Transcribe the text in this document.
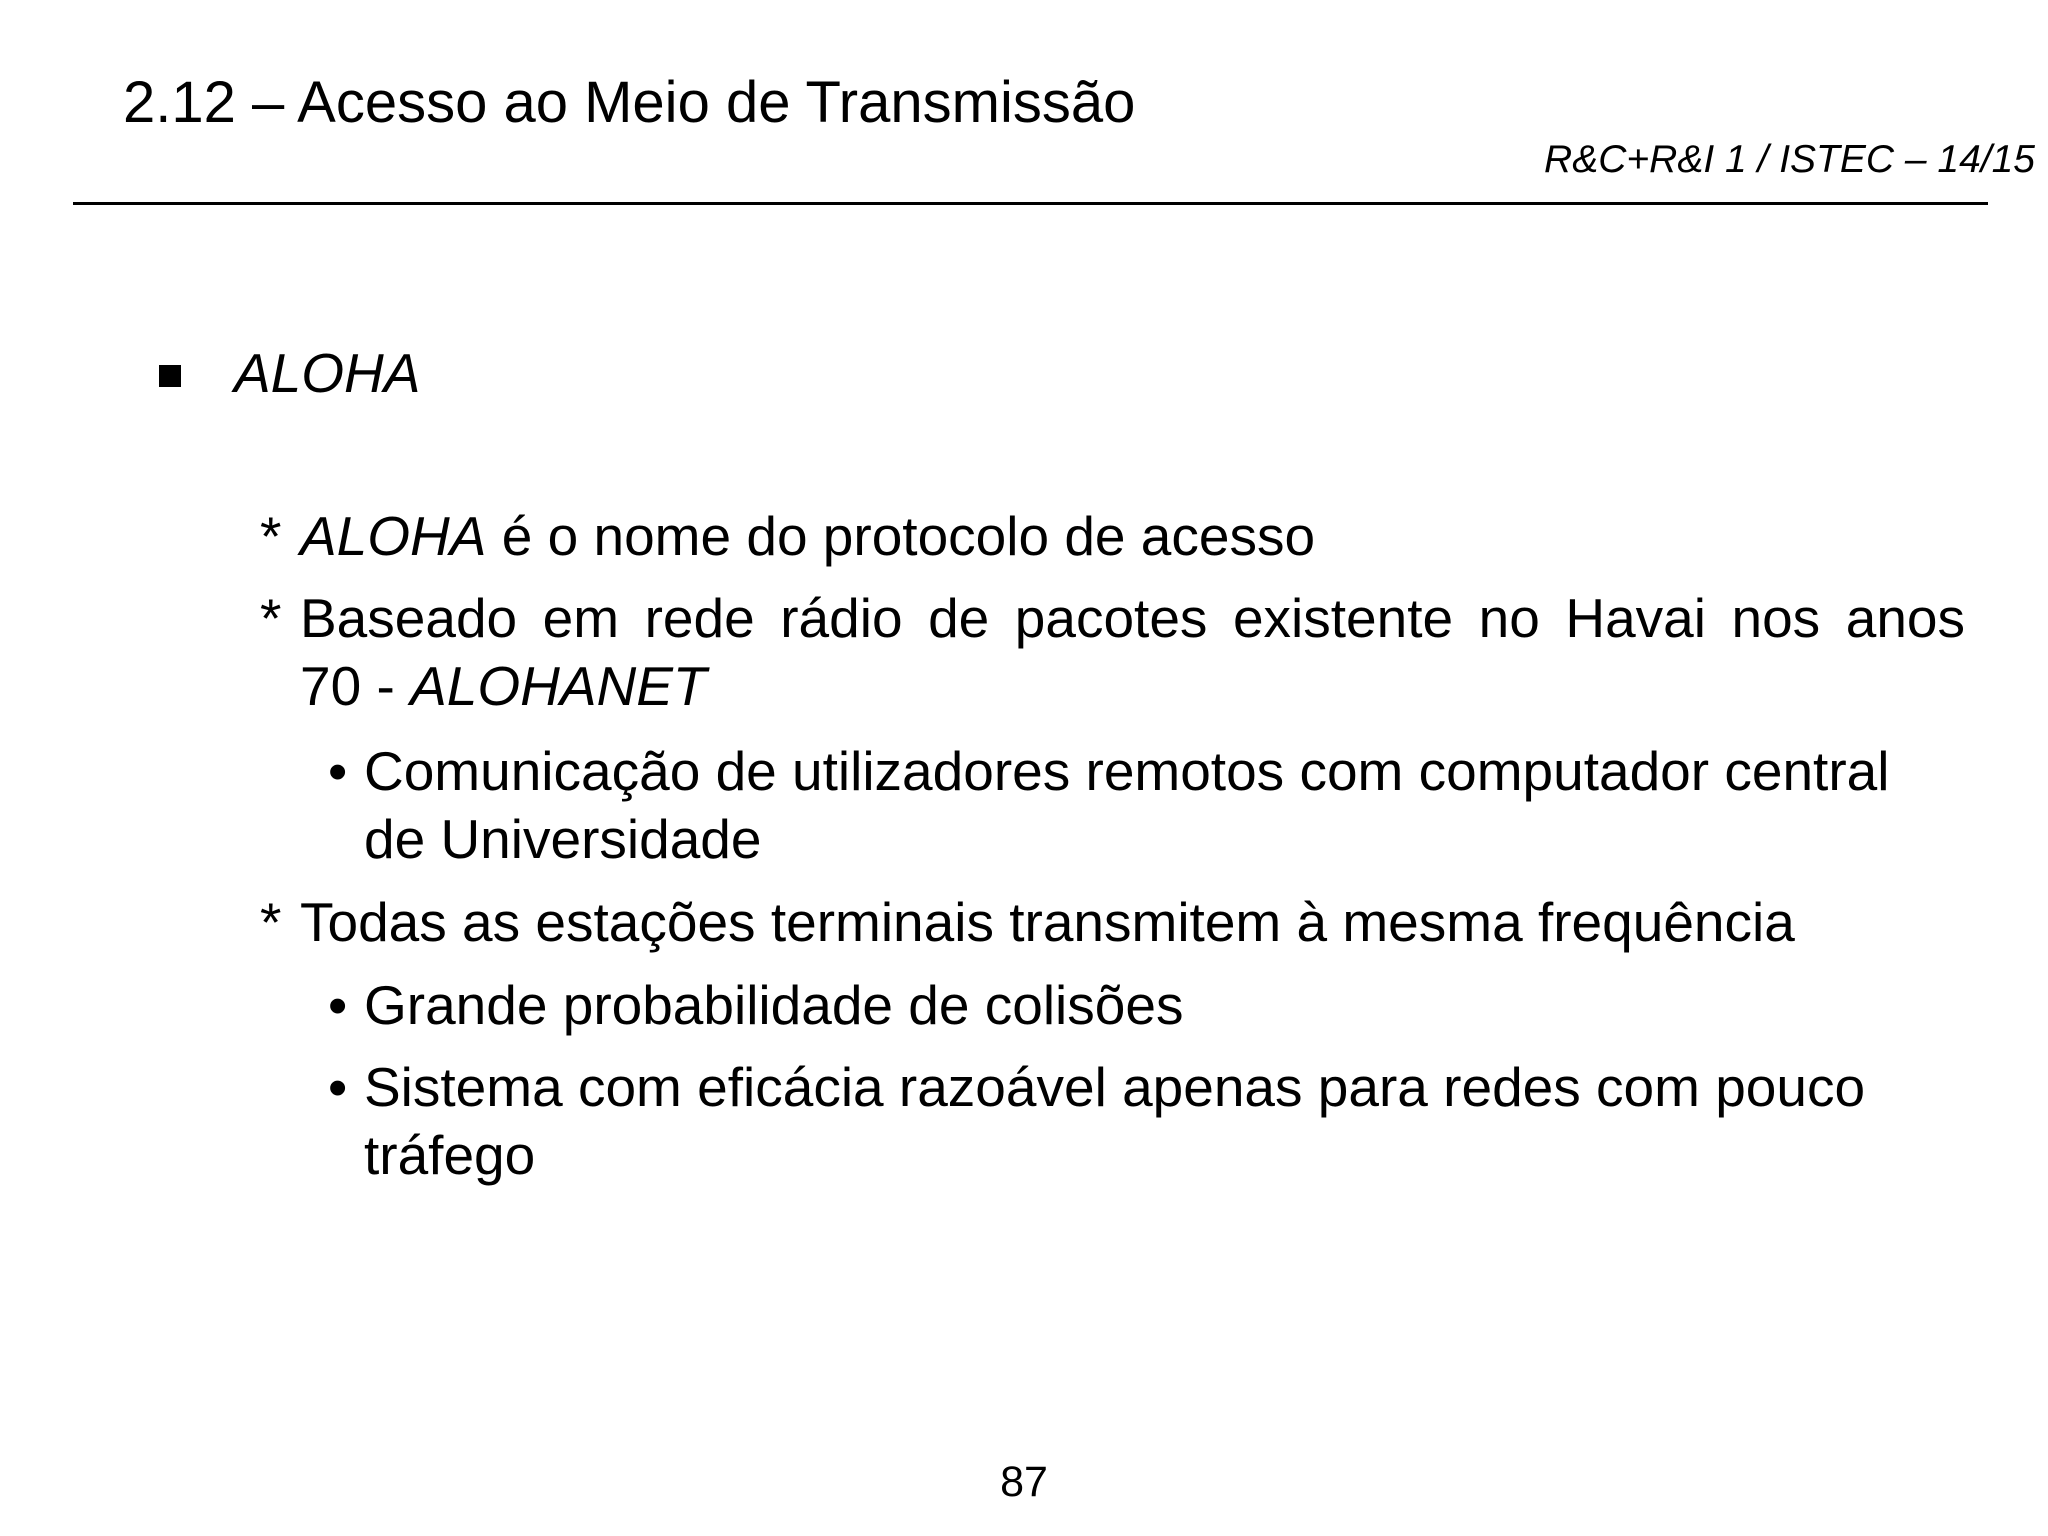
2.12 – Acesso ao Meio de Transmissão
R&C+R&I 1 / ISTEC – 14/15
ALOHA
* ALOHA é o nome do protocolo de acesso
* Baseado em rede rádio de pacotes existente no Havai nos anos
70 - ALOHANET
• Comunicação de utilizadores remotos com computador central
de Universidade
* Todas as estações terminais transmitem à mesma frequência
• Grande probabilidade de colisões
• Sistema com eficácia razoável apenas para redes com pouco
tráfego
87
